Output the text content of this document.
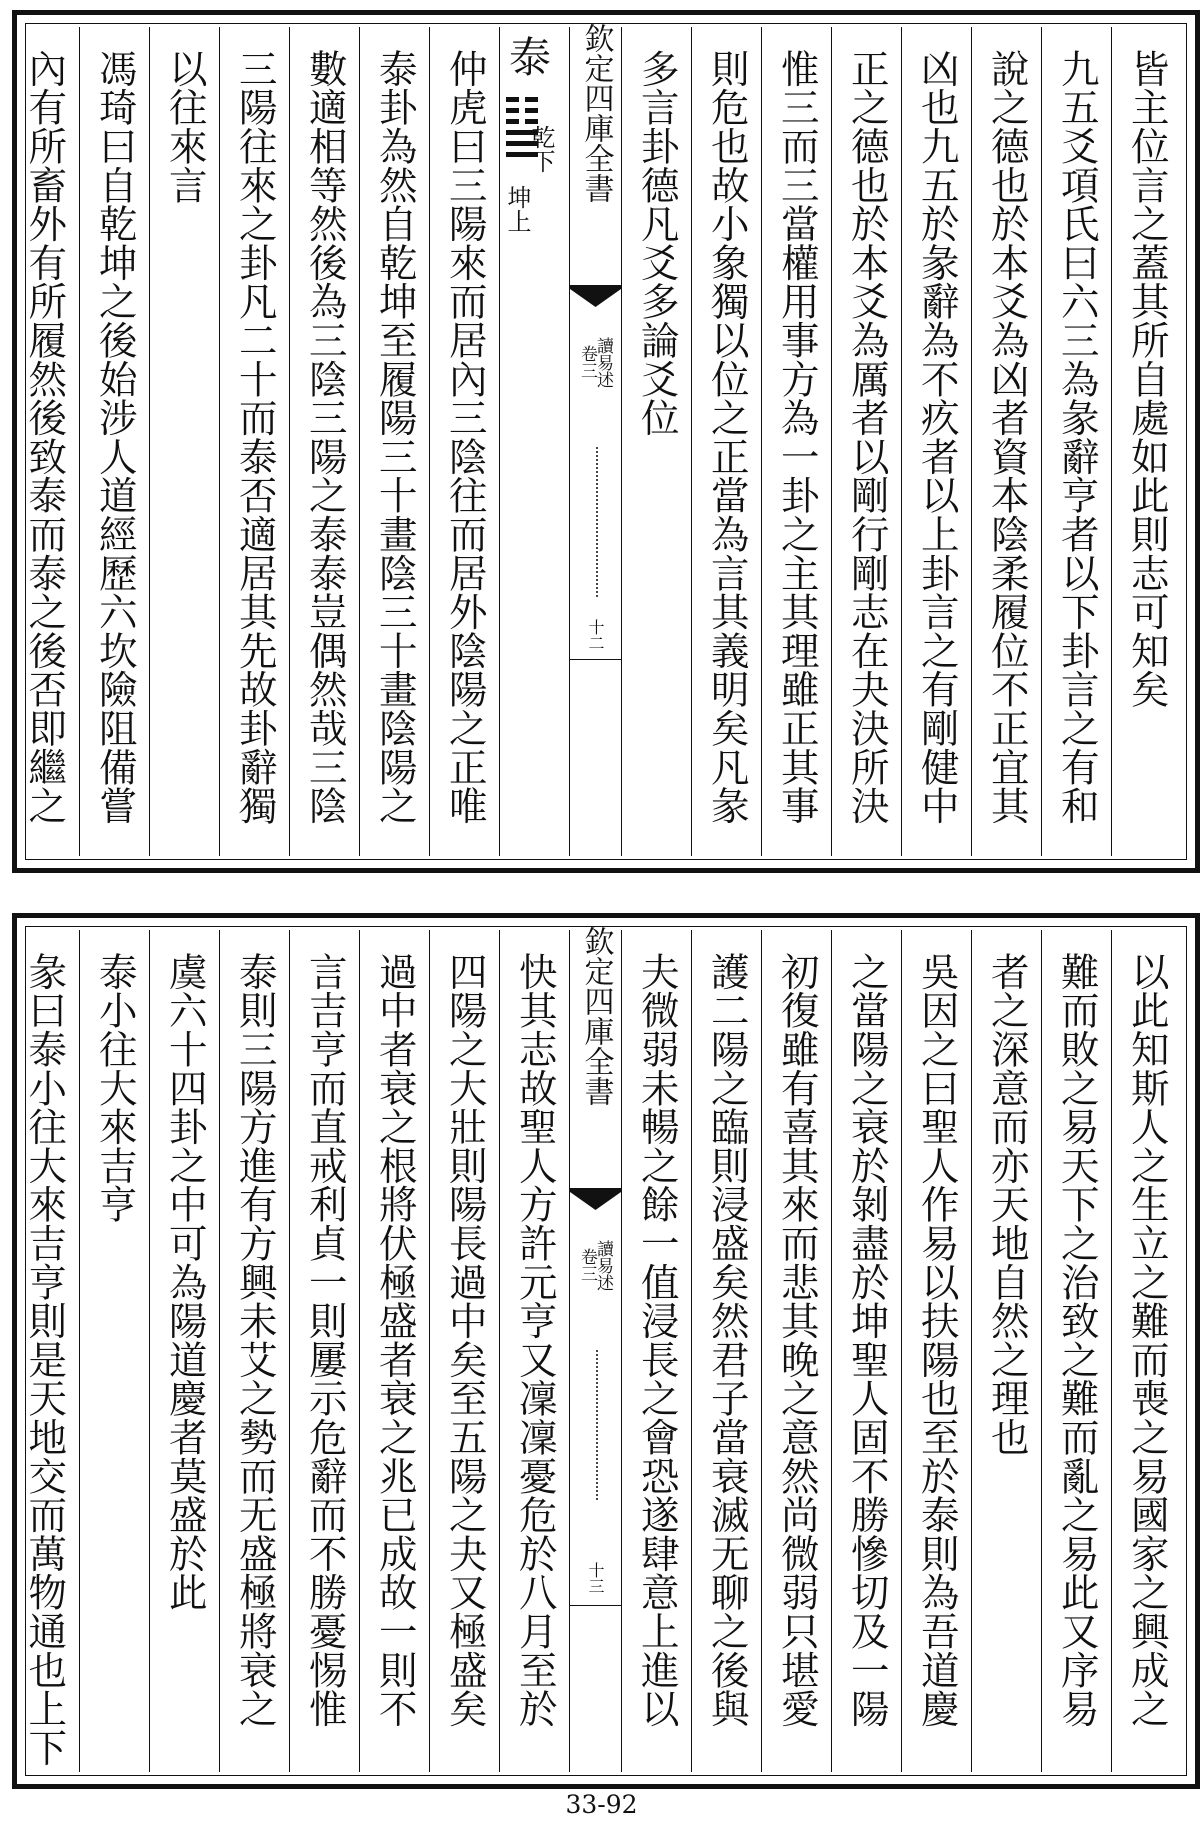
皆主位言之蓋其所自處如此則志可知矣
九五爻項氏曰六三為彖辭亨者以下卦言之有和
說之德也於本爻為凶者資本陰柔履位不正宜其
凶也九五於彖辭為不疚者以上卦言之有剛健中
正之德也於本爻為厲者以剛行剛志在夬決所決
惟三而三當權用事方為一卦之主其理雖正其事
則危也故小象獨以位之正當為言其義明矣凡彖
多言卦德凡爻多論爻位
欽定四庫全書
讀易述
卷三
十二
泰
乾下
坤上
仲虎曰三陽來而居內三陰往而居外陰陽之正唯
泰卦為然自乾坤至履陽三十畫陰三十畫陰陽之
數適相等然後為三陰三陽之泰泰豈偶然哉三陰
三陽往來之卦凡二十而泰否適居其先故卦辭獨
以往來言
馮琦曰自乾坤之後始涉人道經歷六坎險阻備嘗
內有所畜外有所履然後致泰而泰之後否即繼之
以此知斯人之生立之難而喪之易國家之興成之
難而敗之易天下之治致之難而亂之易此又序易
者之深意而亦天地自然之理也
吳因之曰聖人作易以扶陽也至於泰則為吾道慶
之當陽之衰於剝盡於坤聖人固不勝慘切及一陽
初復雖有喜其來而悲其晚之意然尚微弱只堪愛
護二陽之臨則浸盛矣然君子當衰滅无聊之後與
夫微弱未暢之餘一值浸長之會恐遂肆意上進以
欽定四庫全書
讀易述
卷三
十三
快其志故聖人方許元亨又凜凜憂危於八月至於
四陽之大壯則陽長過中矣至五陽之夬又極盛矣
過中者衰之根將伏極盛者衰之兆已成故一則不
言吉亨而直戒利貞一則屢示危辭而不勝憂惕惟
泰則三陽方進有方興未艾之勢而无盛極將衰之
虞六十四卦之中可為陽道慶者莫盛於此
泰小往大來吉亨
彖曰泰小往大來吉亨則是天地交而萬物通也上下
33-92
